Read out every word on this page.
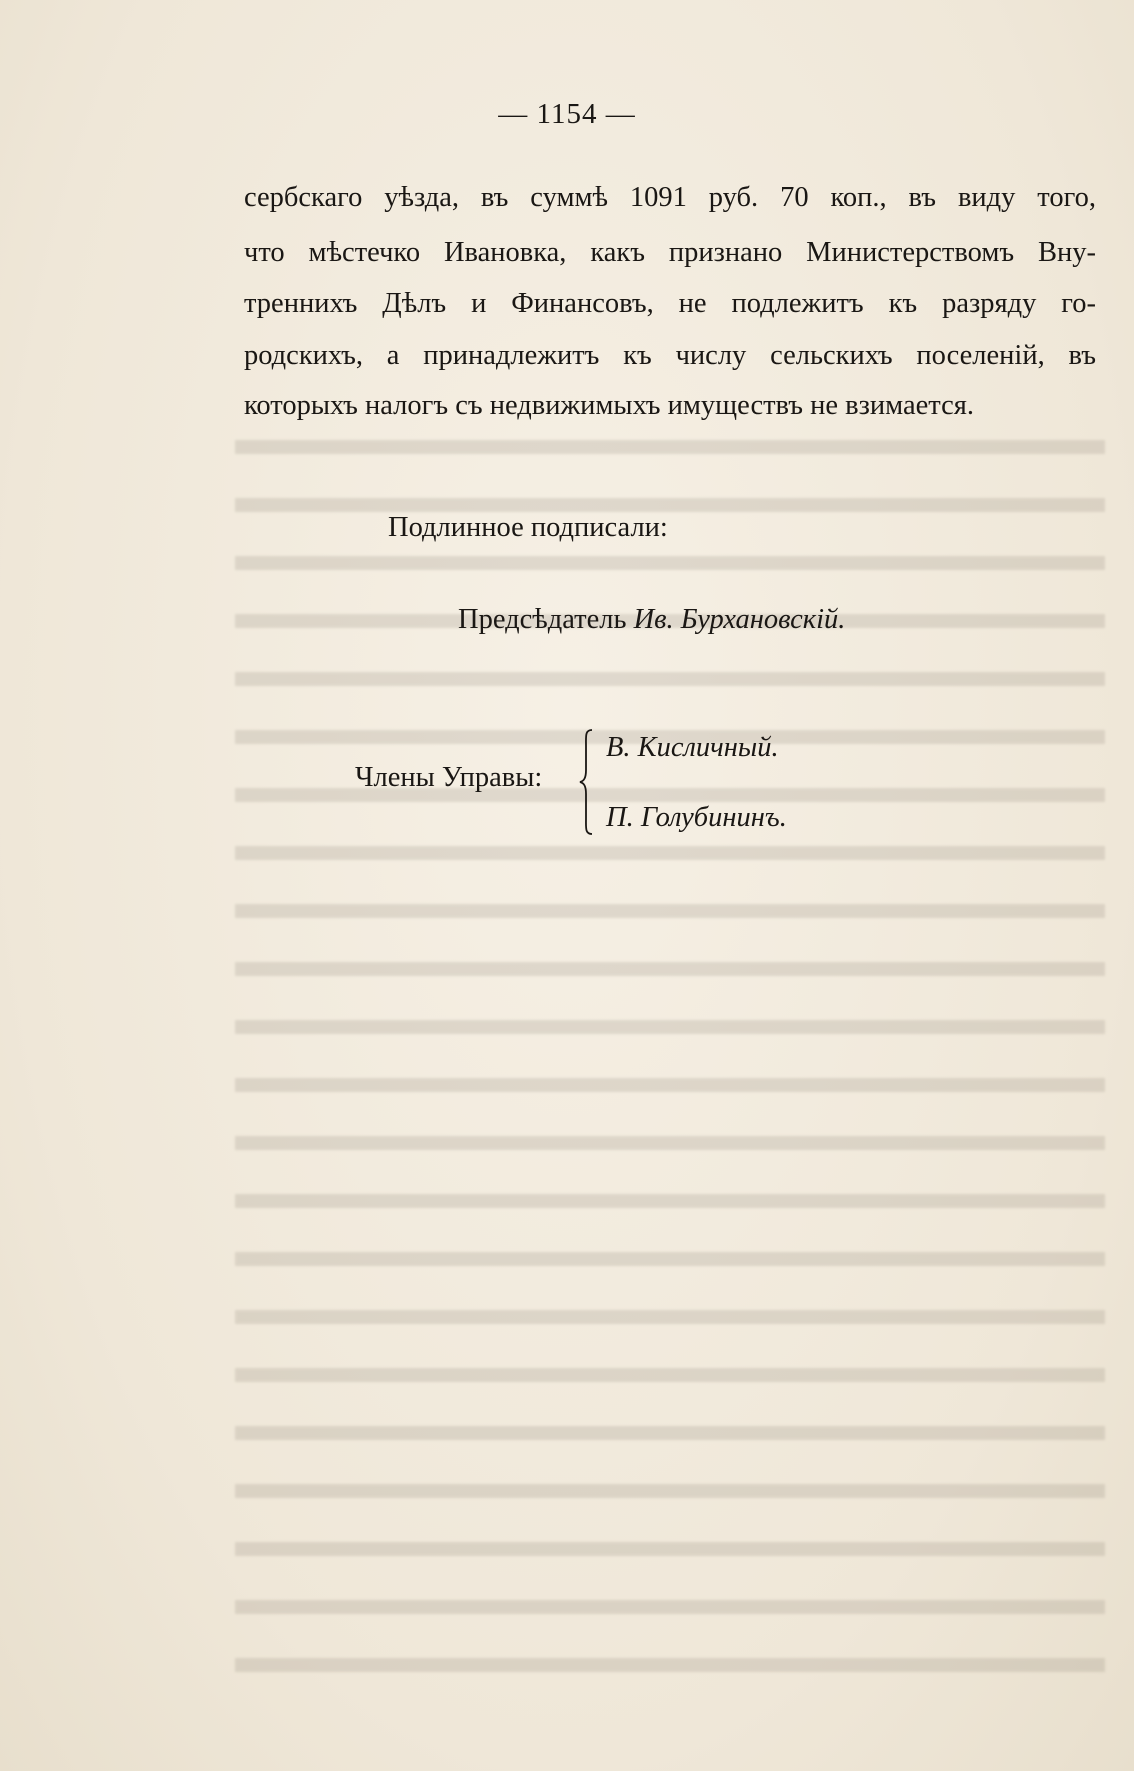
— 1154 —
сербскаго уѣзда, въ суммѣ 1091 руб. 70 коп., въ виду того,
что мѣстечко Ивановка, какъ признано Министерствомъ Вну-
треннихъ Дѣлъ и Финансовъ, не подлежитъ къ разряду го-
родскихъ, а принадлежитъ къ числу сельскихъ поселеній, въ
которыхъ налогъ съ недвижимыхъ имуществъ не взимается.
Подлинное подписали:
Предсѣдатель Ив. Бурхановскій.
Члены Управы:
В. Кисличный.
П. Голубининъ.
